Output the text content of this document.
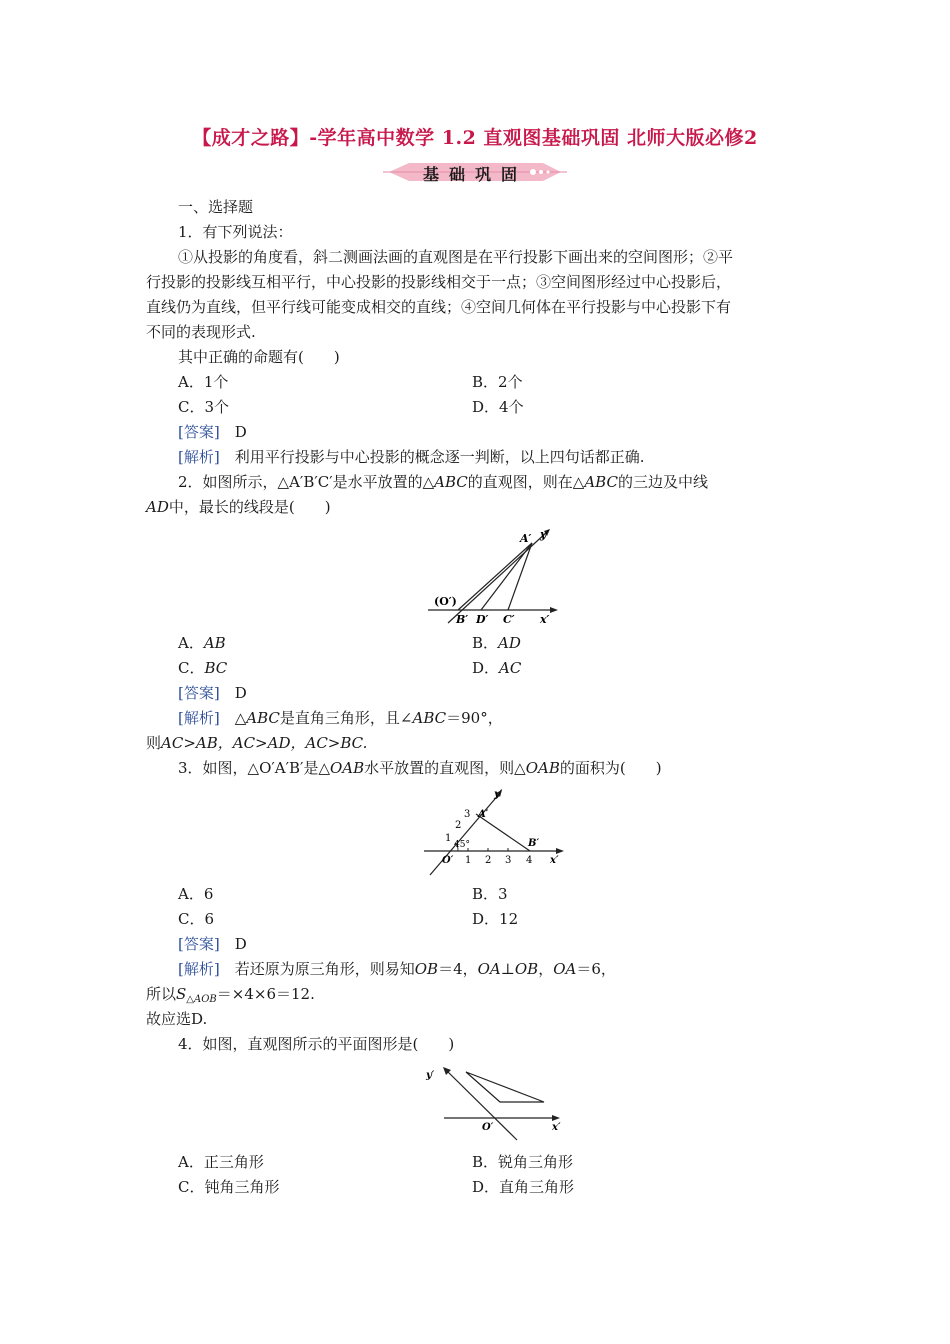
【成才之路】-学年高中数学 1.2 直观图基础巩固 北师大版必修2
基础巩固
一、选择题
1．有下列说法：
①从投影的角度看，斜二测画法画的直观图是在平行投影下画出来的空间图形；②平
行投影的投影线互相平行，中心投影的投影线相交于一点；③空间图形经过中心投影后，
直线仍为直线，但平行线可能变成相交的直线；④空间几何体在平行投影与中心投影下有
不同的表现形式.
其中正确的命题有(　　)
A．1个	B．2个
C．3个	D．4个
[答案]　 D
[解析]　 利用平行投影与中心投影的概念逐一判断，以上四句话都正确.
2．如图所示，△A′B′C′是水平放置的△ABC的直观图，则在△ABC的三边及中线
AD中，最长的线段是(　　)
y′
A′
(O′)
B′ D′ C′ x′
A．AB	B．AD
C．BC	D．AC
[答案]　 D
[解析]　 △ABC是直角三角形，且∠ABC＝90°，
则AC>AB，AC>AD，AC>BC.
3．如图，△O′A′B′是△OAB水平放置的直观图，则△OAB的面积为(　　)
y′
3
2
1
A′
45°	B′
O′ 1 2 3 4 x′
A．6	B．3
C．6	D．12
[答案]　 D
[解析]　 若还原为原三角形，则易知OB＝4，OA⊥OB，OA＝6，
所以$S_{\triangle AOB}=\times 4\times 6=12$.
故应选D.
4．如图，直观图所示的平面图形是(　　)
y′
O′	x′
A．正三角形	B．锐角三角形
C．钝角三角形	D．直角三角形
